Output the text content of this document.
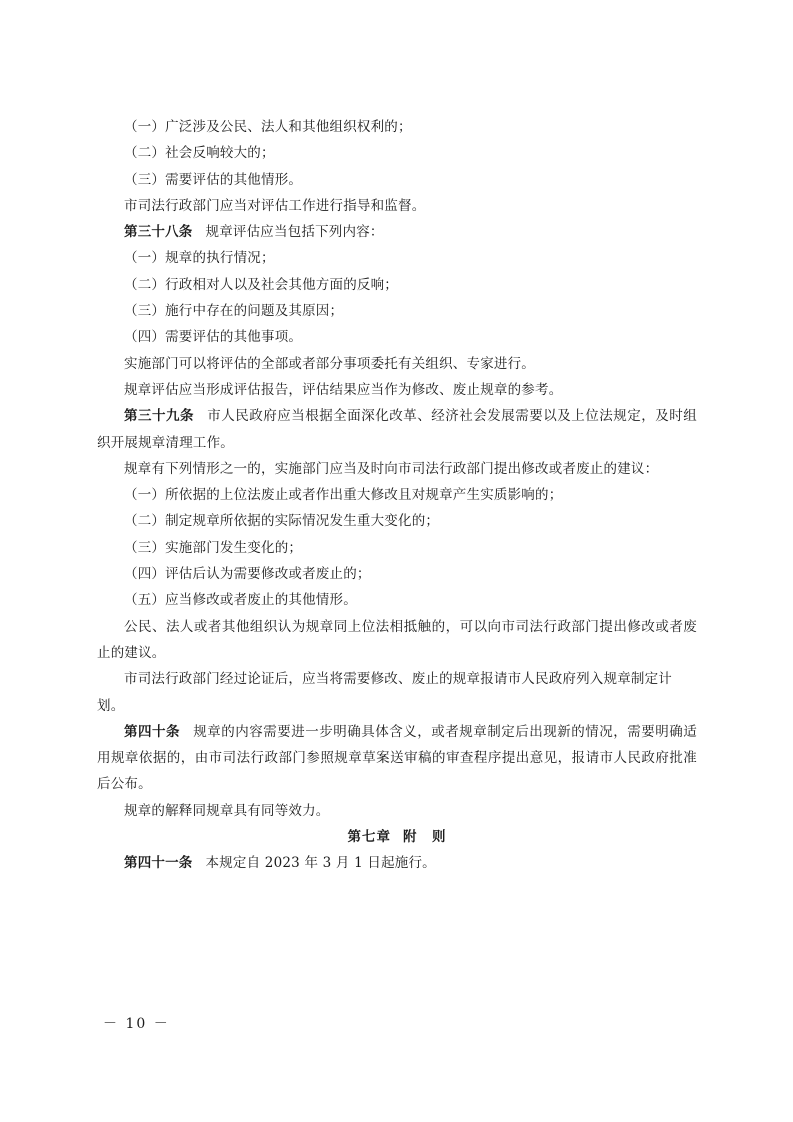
（一）广泛涉及公民、法人和其他组织权利的；

（二）社会反响较大的；

（三）需要评估的其他情形。

市司法行政部门应当对评估工作进行指导和监督。

第三十八条 规章评估应当包括下列内容：

（一）规章的执行情况；

（二）行政相对人以及社会其他方面的反响；

（三）施行中存在的问题及其原因；

（四）需要评估的其他事项。

实施部门可以将评估的全部或者部分事项委托有关组织、专家进行。

规章评估应当形成评估报告，评估结果应当作为修改、废止规章的参考。

第三十九条 市人民政府应当根据全面深化改革、经济社会发展需要以及上位法规定，及时组织开展规章清理工作。

规章有下列情形之一的，实施部门应当及时向市司法行政部门提出修改或者废止的建议：

（一）所依据的上位法废止或者作出重大修改且对规章产生实质影响的；

（二）制定规章所依据的实际情况发生重大变化的；

（三）实施部门发生变化的；

（四）评估后认为需要修改或者废止的；

（五）应当修改或者废止的其他情形。

公民、法人或者其他组织认为规章同上位法相抵触的，可以向市司法行政部门提出修改或者废止的建议。

市司法行政部门经过论证后，应当将需要修改、废止的规章报请市人民政府列入规章制定计划。

第四十条 规章的内容需要进一步明确具体含义，或者规章制定后出现新的情况，需要明确适用规章依据的，由市司法行政部门参照规章草案送审稿的审查程序提出意见，报请市人民政府批准后公布。

规章的解释同规章具有同等效力。

第七章 附　则

第四十一条 本规定自 2023 年 3 月 1 日起施行。

－ 10 －
